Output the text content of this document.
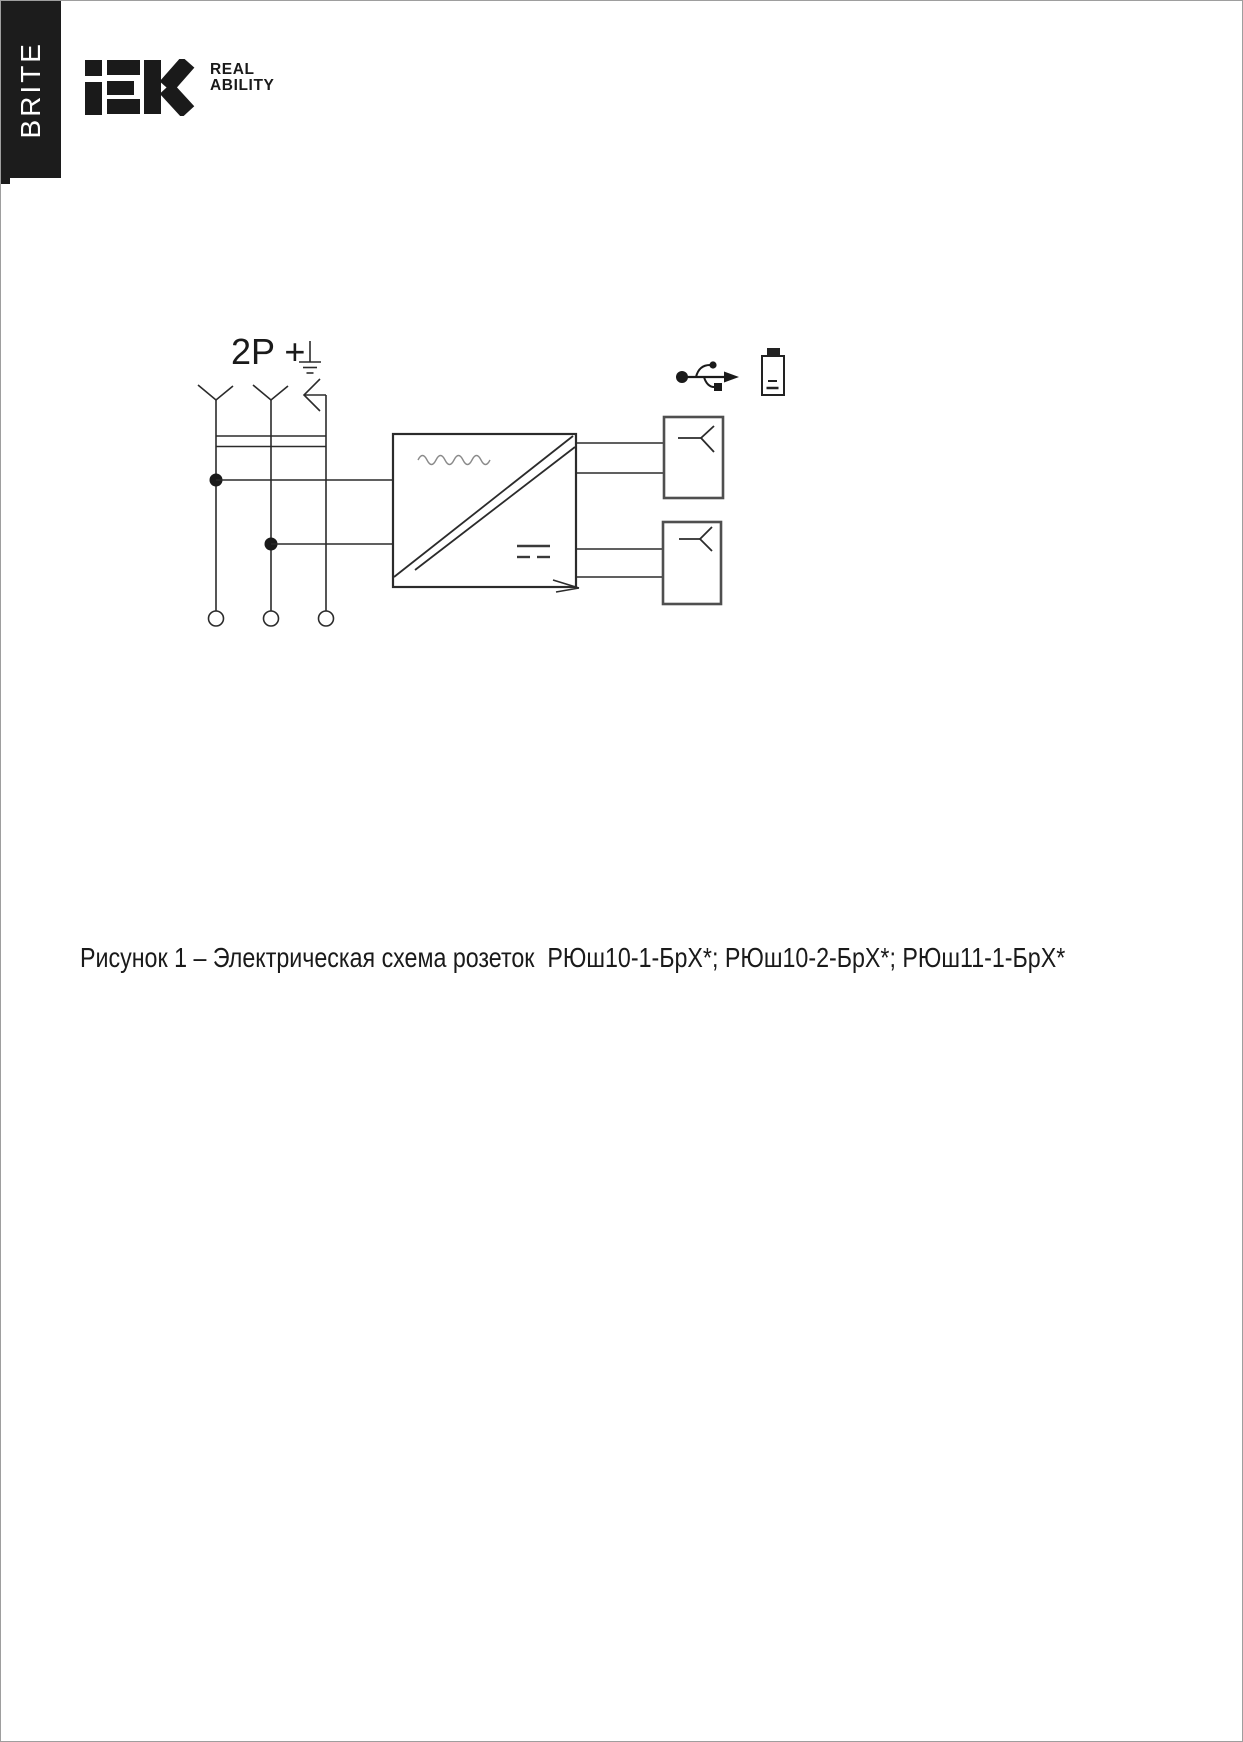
BRITE	REAL
ABILITY
2P +
Рисунок 1 – Электрическая схема розеток  РЮш10-1-БрХ*; РЮш10-2-БрХ*; РЮш11-1-БрХ*
